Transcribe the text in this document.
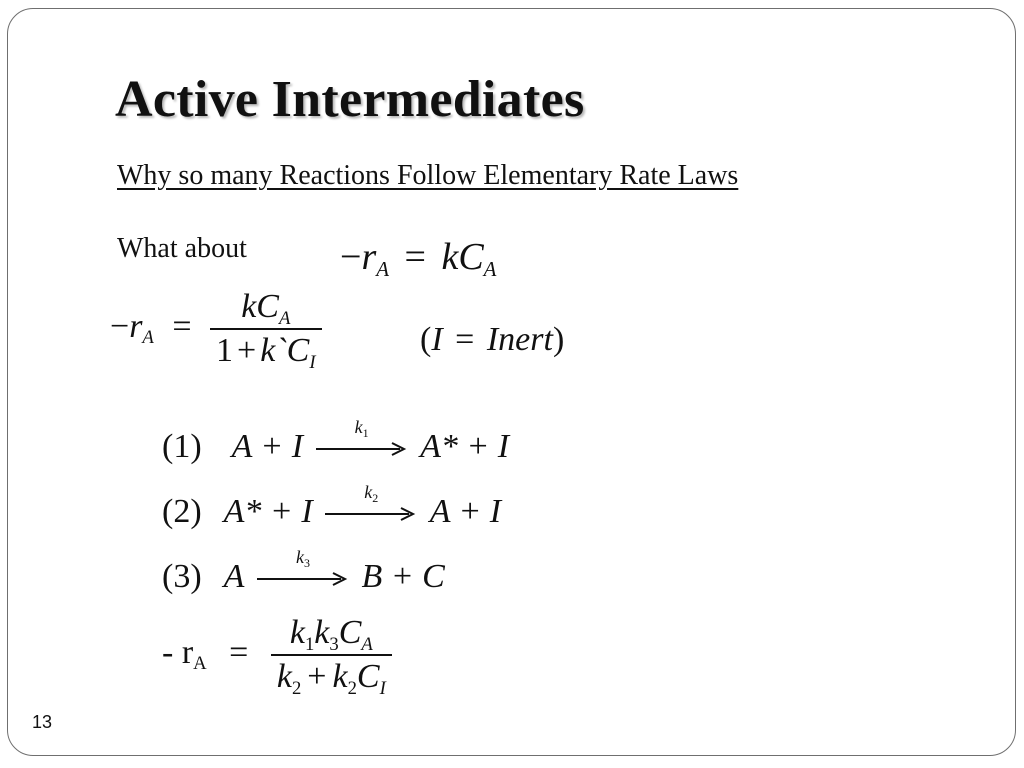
Active Intermediates
Why so many Reactions Follow Elementary Rate Laws
What about −rA = kCA
$-rA = \frac{\text{kCA}}{1 + k`CI}$	(I = Inert)
(1) A + I
$k_1$	A* + I
(2) A* + I
$k_2$	A + I
(3) A
$k_3$	B + C
- rA = $\frac{k1k3CA}{k2 + k2CI}$
13
